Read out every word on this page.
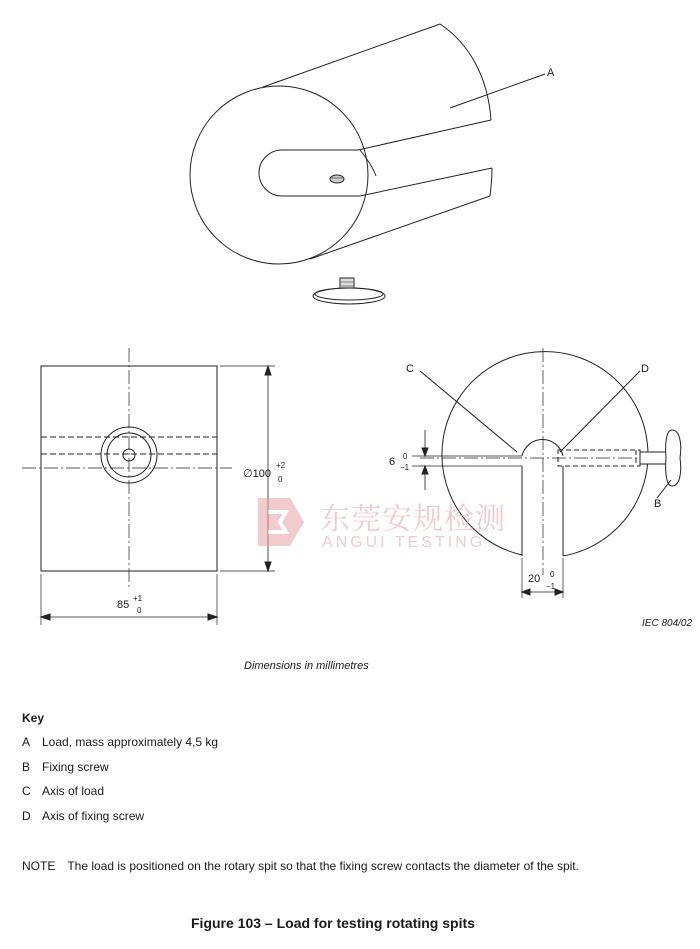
A
C	D
B
∅100
+2
0
85
+1
0
6 0
−1
20 0
−1
IEC 804/02
东莞安规检测
ANGUI TESTING
Dimensions in millimetres
Key
A Load, mass approximately 4,5 kg
B Fixing screw
C Axis of load
D Axis of fixing screw
NOTE The load is positioned on the rotary spit so that the fixing screw contacts the diameter of the spit.
Figure 103 – Load for testing rotating spits
